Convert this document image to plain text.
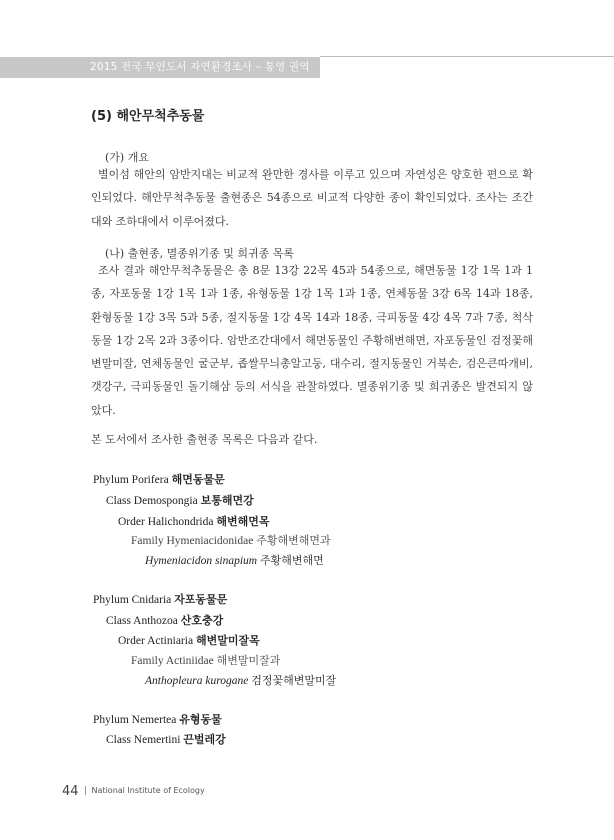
2015 전국 무인도서 자연환경조사 – 통영 권역
(5) 해안무척추동물
(가) 개요

별이섬 해안의 암반지대는 비교적 완만한 경사를 이루고 있으며 자연성은 양호한 편으로 확인되었다. 해안무척추동물 출현종은 54종으로 비교적 다양한 종이 확인되었다. 조사는 조간대와 조하대에서 이루어졌다.

(나) 출현종, 멸종위기종 및 희귀종 목록

조사 결과 해안무척추동물은 총 8문 13강 22목 45과 54종으로, 해면동물 1강 1목 1과 1종, 자포동물 1강 1목 1과 1종, 유형동물 1강 1목 1과 1종, 연체동물 3강 6목 14과 18종, 환형동물 1강 3목 5과 5종, 절지동물 1강 4목 14과 18종, 극피동물 4강 4목 7과 7종, 척삭동물 1강 2목 2과 3종이다. 암반조간대에서 해면동물인 주황해변해면, 자포동물인 검정꽃해변말미잘, 연체동물인 굴군부, 좁쌀무늬총알고둥, 대수리, 절지동물인 거북손, 검은큰따개비, 갯강구, 극피동물인 돌기해삼 등의 서식을 관찰하였다. 멸종위기종 및 희귀종은 발견되지 않았다.

본 도서에서 조사한 출현종 목록은 다음과 같다.
Phylum Porifera 해면동물문
Class Demospongia 보통해면강
Order Halichondrida 해변해면목
Family Hymeniacidonidae 주황해변해면과
Hymeniacidon sinapium 주황해변해면
Phylum Cnidaria 자포동물문
Class Anthozoa 산호충강
Order Actiniaria 해변말미잘목
Family Actiniidae 해변말미잘과
Anthopleura kurogane 검정꽃해변말미잘
Phylum Nemertea 유형동물
Class Nemertini 끈벌레강
44 National Institute of Ecology
